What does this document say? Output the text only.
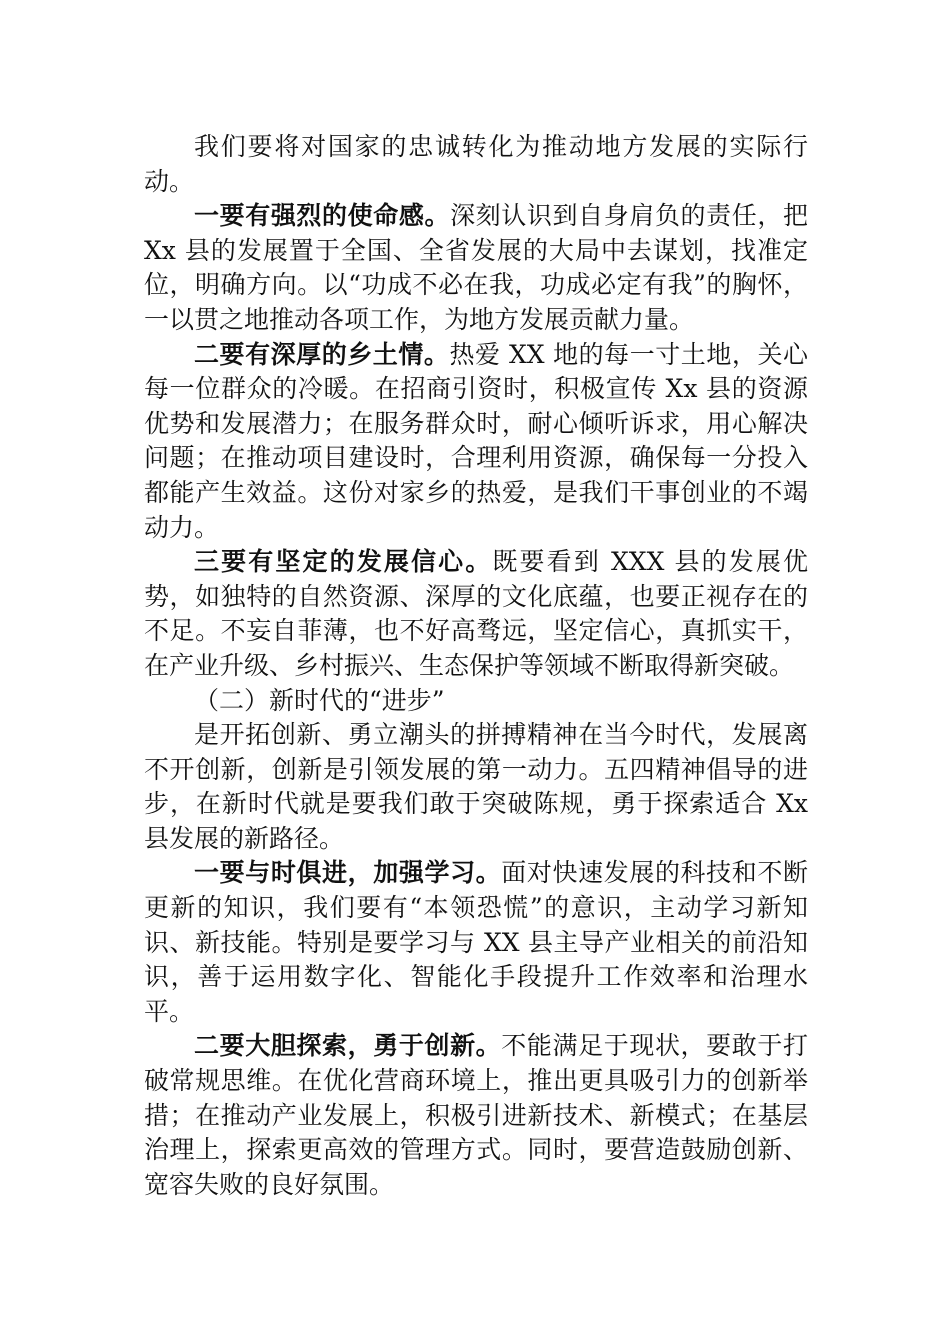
我们要将对国家的忠诚转化为推动地方发展的实际行动。

一要有强烈的使命感。深刻认识到自身肩负的责任，把 Xx 县的发展置于全国、全省发展的大局中去谋划，找准定位，明确方向。以“功成不必在我，功成必定有我”的胸怀，一以贯之地推动各项工作，为地方发展贡献力量。

二要有深厚的乡土情。热爱 XX 地的每一寸土地，关心每一位群众的冷暖。在招商引资时，积极宣传 Xx 县的资源优势和发展潜力；在服务群众时，耐心倾听诉求，用心解决问题；在推动项目建设时，合理利用资源，确保每一分投入都能产生效益。这份对家乡的热爱，是我们干事创业的不竭动力。

三要有坚定的发展信心。既要看到 XXX 县的发展优势，如独特的自然资源、深厚的文化底蕴，也要正视存在的不足。不妄自菲薄，也不好高骛远，坚定信心，真抓实干，在产业升级、乡村振兴、生态保护等领域不断取得新突破。

（二）新时代的“进步”

是开拓创新、勇立潮头的拼搏精神在当今时代，发展离不开创新，创新是引领发展的第一动力。五四精神倡导的进步，在新时代就是要我们敢于突破陈规，勇于探索适合 Xx 县发展的新路径。

一要与时俱进，加强学习。面对快速发展的科技和不断更新的知识，我们要有“本领恐慌”的意识，主动学习新知识、新技能。特别是要学习与 XX 县主导产业相关的前沿知识，善于运用数字化、智能化手段提升工作效率和治理水平。

二要大胆探索，勇于创新。不能满足于现状，要敢于打破常规思维。在优化营商环境上，推出更具吸引力的创新举措；在推动产业发展上，积极引进新技术、新模式；在基层治理上，探索更高效的管理方式。同时，要营造鼓励创新、宽容失败的良好氛围。
